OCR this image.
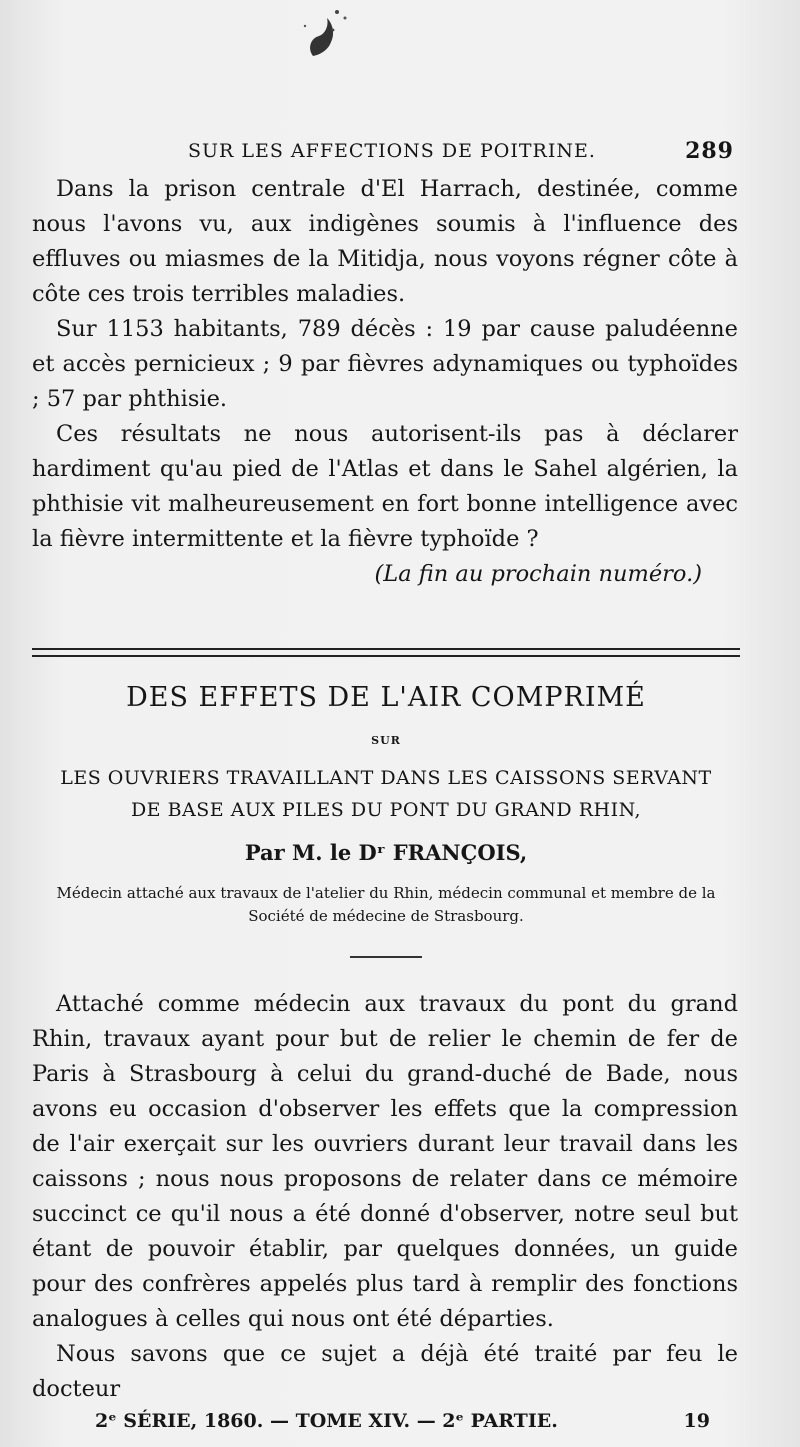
SUR LES AFFECTIONS DE POITRINE.	289

Dans la prison centrale d'El Harrach, destinée, comme nous l'avons vu, aux indigènes soumis à l'influence des effluves ou miasmes de la Mitidja, nous voyons régner côte à côte ces trois terribles maladies.

Sur 1153 habitants, 789 décès : 19 par cause paludéenne et accès pernicieux ; 9 par fièvres adynamiques ou typhoïdes ; 57 par phthisie.

Ces résultats ne nous autorisent-ils pas à déclarer hardiment qu'au pied de l'Atlas et dans le Sahel algérien, la phthisie vit malheureusement en fort bonne intelligence avec la fièvre intermittente et la fièvre typhoïde ?

(La fin au prochain numéro.)

DES EFFETS DE L'AIR COMPRIMÉ
SUR
LES OUVRIERS TRAVAILLANT DANS LES CAISSONS SERVANT
DE BASE AUX PILES DU PONT DU GRAND RHIN,
Par M. le Dʳ FRANÇOIS,
Médecin attaché aux travaux de l'atelier du Rhin, médecin communal et membre de la Société de médecine de Strasbourg.

Attaché comme médecin aux travaux du pont du grand Rhin, travaux ayant pour but de relier le chemin de fer de Paris à Strasbourg à celui du grand-duché de Bade, nous avons eu occasion d'observer les effets que la compression de l'air exerçait sur les ouvriers durant leur travail dans les caissons ; nous nous proposons de relater dans ce mémoire succinct ce qu'il nous a été donné d'observer, notre seul but étant de pouvoir établir, par quelques données, un guide pour des confrères appelés plus tard à remplir des fonctions analogues à celles qui nous ont été départies.

Nous savons que ce sujet a déjà été traité par feu le docteur

2ᵉ SÉRIE, 1860. — TOME XIV. — 2ᵉ PARTIE.	19
